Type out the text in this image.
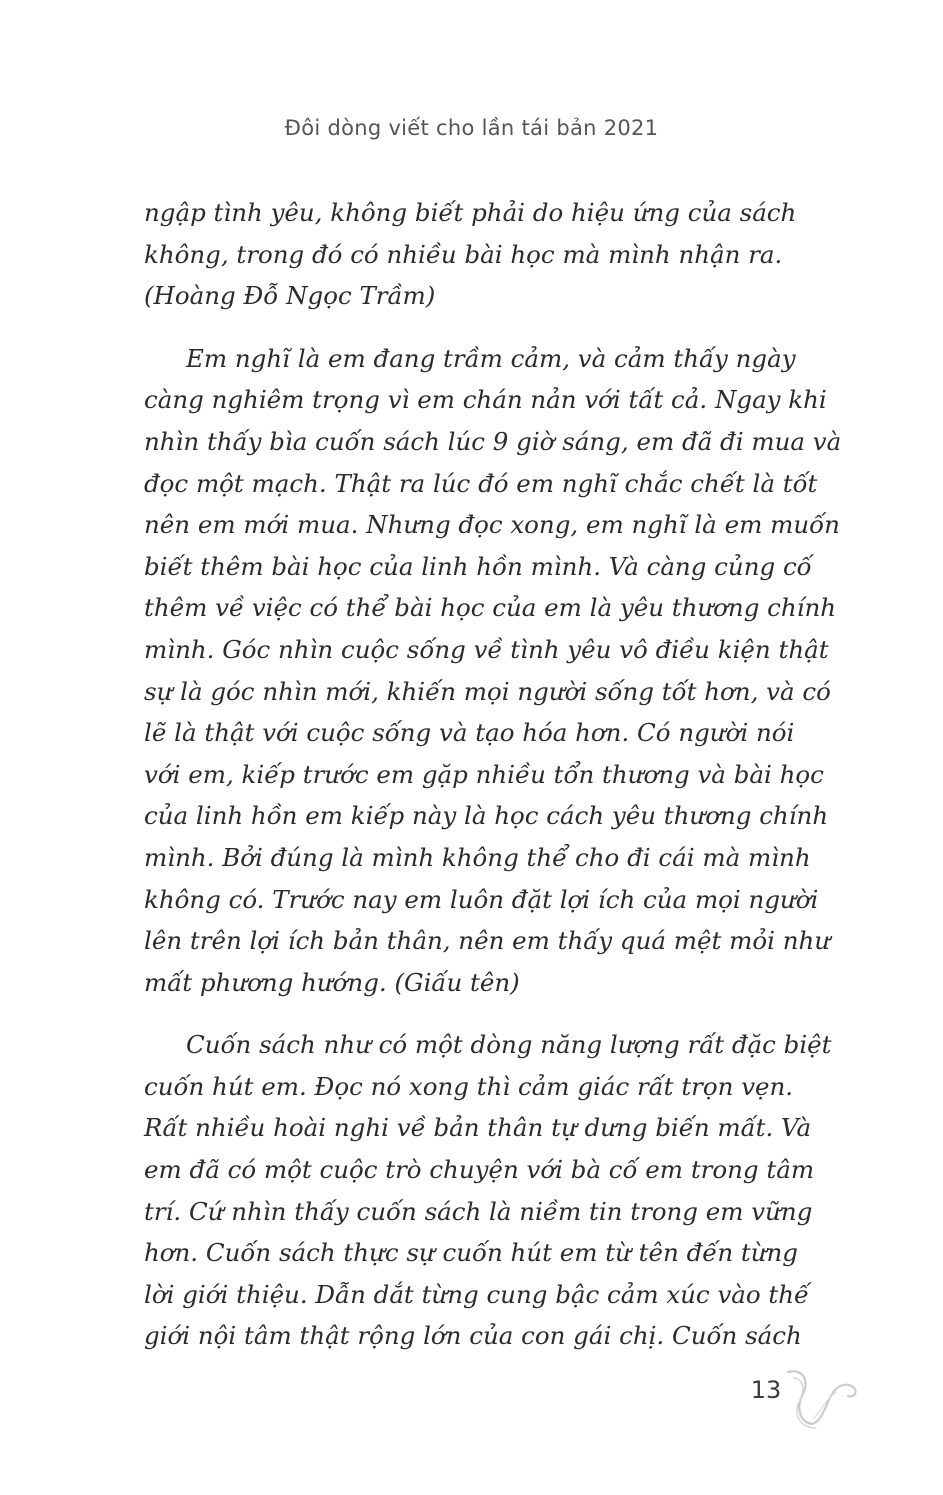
Đôi dòng viết cho lần tái bản 2021
ngập tình yêu, không biết phải do hiệu ứng của sách
không, trong đó có nhiều bài học mà mình nhận ra.
(Hoàng Đỗ Ngọc Trầm)
Em nghĩ là em đang trầm cảm, và cảm thấy ngày
càng nghiêm trọng vì em chán nản với tất cả. Ngay khi
nhìn thấy bìa cuốn sách lúc 9 giờ sáng, em đã đi mua và
đọc một mạch. Thật ra lúc đó em nghĩ chắc chết là tốt
nên em mới mua. Nhưng đọc xong, em nghĩ là em muốn
biết thêm bài học của linh hồn mình. Và càng củng cố
thêm về việc có thể bài học của em là yêu thương chính
mình. Góc nhìn cuộc sống về tình yêu vô điều kiện thật
sự là góc nhìn mới, khiến mọi người sống tốt hơn, và có
lẽ là thật với cuộc sống và tạo hóa hơn. Có người nói
với em, kiếp trước em gặp nhiều tổn thương và bài học
của linh hồn em kiếp này là học cách yêu thương chính
mình. Bởi đúng là mình không thể cho đi cái mà mình
không có. Trước nay em luôn đặt lợi ích của mọi người
lên trên lợi ích bản thân, nên em thấy quá mệt mỏi như
mất phương hướng. (Giấu tên)
Cuốn sách như có một dòng năng lượng rất đặc biệt
cuốn hút em. Đọc nó xong thì cảm giác rất trọn vẹn.
Rất nhiều hoài nghi về bản thân tự dưng biến mất. Và
em đã có một cuộc trò chuyện với bà cố em trong tâm
trí. Cứ nhìn thấy cuốn sách là niềm tin trong em vững
hơn. Cuốn sách thực sự cuốn hút em từ tên đến từng
lời giới thiệu. Dẫn dắt từng cung bậc cảm xúc vào thế
giới nội tâm thật rộng lớn của con gái chị. Cuốn sách
13
